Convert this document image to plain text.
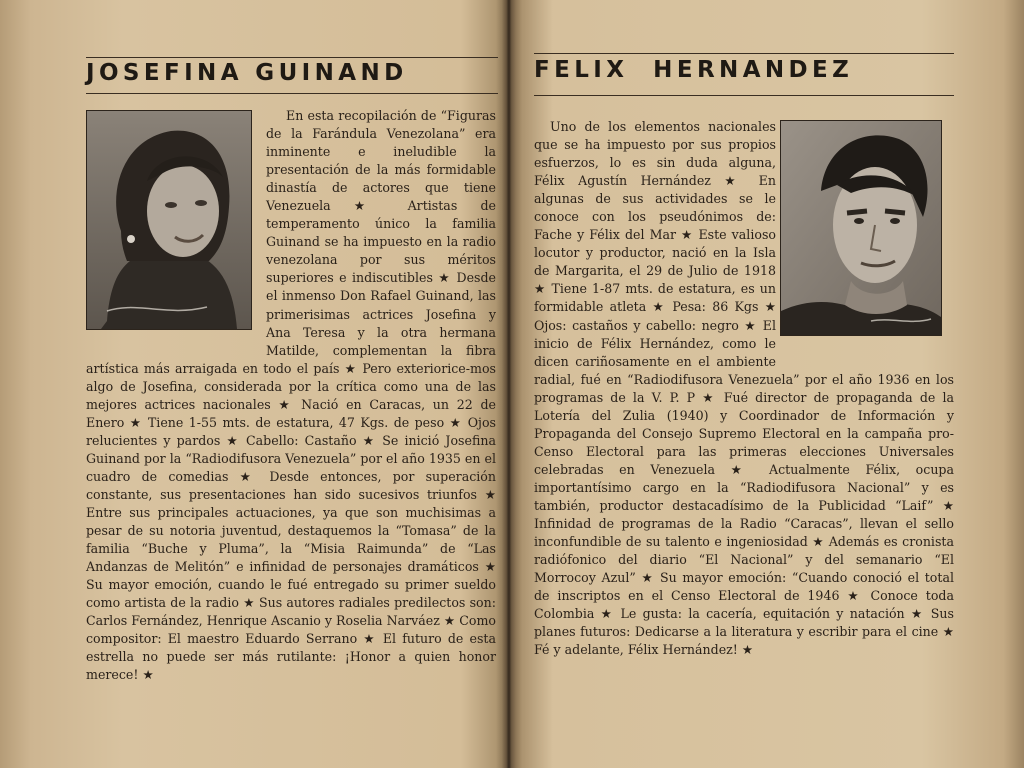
JOSEFINA GUINAND

En esta recopilación de “Figuras de la Farándula Venezolana” era inminente e ineludible la presentación de la más formidable dinastía de actores que tiene Venezuela ★ Artistas de temperamento único la familia Guinand se ha impuesto en la radio venezolana por sus méritos superiores e indiscutibles ★ Desde el inmenso Don Rafael Guinand, las primerisimas actrices Josefina y Ana Teresa y la otra hermana Matilde, complementan la fibra artística más arraigada en todo el país ★ Pero exteriorice-mos algo de Josefina, considerada por la crítica como una de las mejores actrices nacionales ★ Nació en Caracas, un 22 de Enero ★ Tiene 1-55 mts. de estatura, 47 Kgs. de peso ★ Ojos relucientes y pardos ★ Cabello: Castaño ★ Se inició Josefina Guinand por la “Radiodifusora Venezuela” por el año 1935 en el cuadro de comedias ★ Desde entonces, por superación constante, sus presentaciones han sido sucesivos triunfos ★ Entre sus principales actuaciones, ya que son muchisimas a pesar de su notoria juventud, destaquemos la “Tomasa” de la familia “Buche y Pluma”, la “Misia Raimunda” de “Las Andanzas de Melitón” e infinidad de personajes dramáticos ★ Su mayor emoción, cuando le fué entregado su primer sueldo como artista de la radio ★ Sus autores radiales predilectos son: Carlos Fernández, Henrique Ascanio y Roselia Narváez ★ Como compositor: El maestro Eduardo Serrano ★ El futuro de esta estrella no puede ser más rutilante: ¡Honor a quien honor merece! ★

FELIX  HERNANDEZ

Uno de los elementos nacionales que se ha impuesto por sus propios esfuerzos, lo es sin duda alguna, Félix Agustín Hernández ★ En algunas de sus actividades se le conoce con los pseudónimos de: Fache y Félix del Mar ★ Este valioso locutor y productor, nació en la Isla de Margarita, el 29 de Julio de 1918 ★ Tiene 1-87 mts. de estatura, es un formidable atleta ★ Pesa: 86 Kgs ★ Ojos: castaños y cabello: negro ★ El inicio de Félix Hernández, como le dicen cariñosamente en el ambiente radial, fué en “Radiodifusora Venezuela” por el año 1936 en los programas de la V. P. P ★ Fué director de propaganda de la Lotería del Zulia (1940) y Coordinador de Información y Propaganda del Consejo Supremo Electoral en la campaña pro-Censo Electoral para las primeras elecciones Universales celebradas en Venezuela ★ Actualmente Félix, ocupa importantísimo cargo en la “Radiodifusora Nacional” y es también, productor destacadísimo de la Publicidad “Laif” ★ Infinidad de programas de la Radio “Caracas”, llevan el sello inconfundible de su talento e ingeniosidad ★ Además es cronista radiófonico del diario “El Nacional” y del semanario “El Morrocoy Azul” ★ Su mayor emoción: “Cuando conoció el total de inscriptos en el Censo Electoral de 1946 ★ Conoce toda Colombia ★ Le gusta: la cacería, equitación y natación ★ Sus planes futuros: Dedicarse a la literatura y escribir para el cine ★ Fé y adelante, Félix Hernández! ★
